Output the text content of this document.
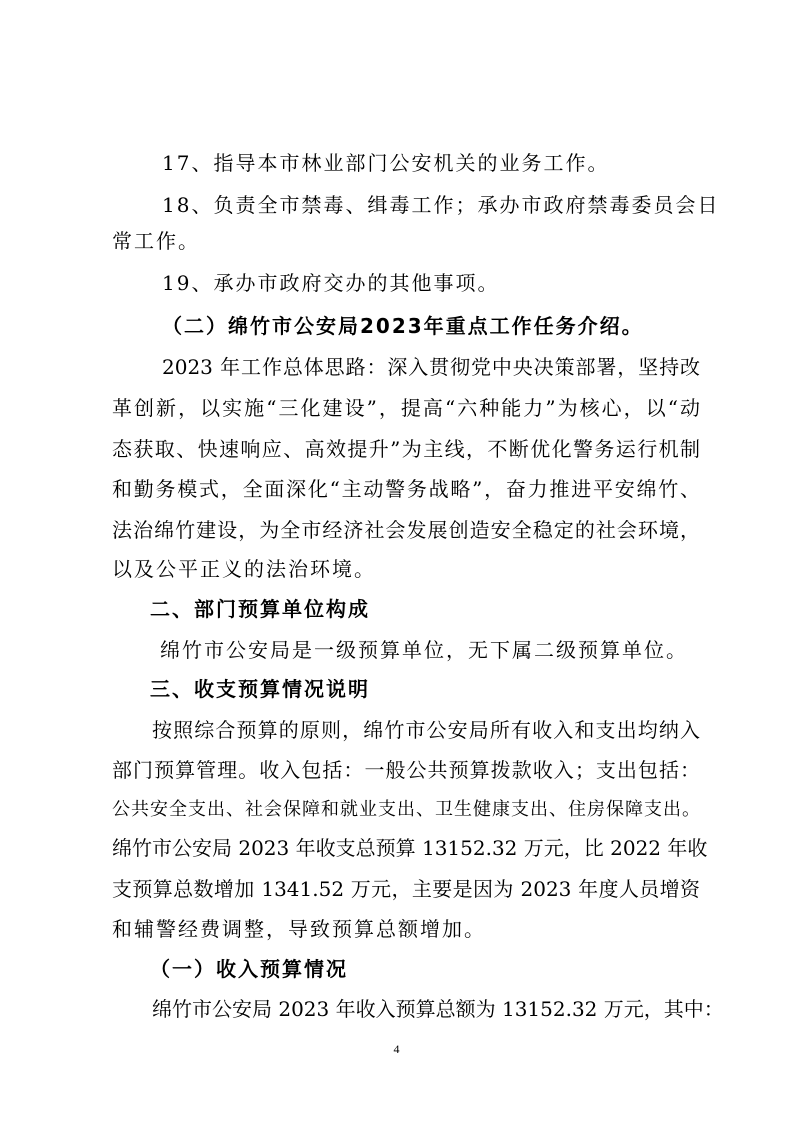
17、指导本市林业部门公安机关的业务工作。
18、负责全市禁毒、缉毒工作；承办市政府禁毒委员会日
常工作。
19、承办市政府交办的其他事项。
（二）绵竹市公安局2023年重点工作任务介绍。
2023 年工作总体思路：深入贯彻党中央决策部署，坚持改
革创新，以实施“三化建设”，提高“六种能力”为核心，以“动
态获取、快速响应、高效提升”为主线，不断优化警务运行机制
和勤务模式，全面深化“主动警务战略”，奋力推进平安绵竹、
法治绵竹建设，为全市经济社会发展创造安全稳定的社会环境，
以及公平正义的法治环境。
二、部门预算单位构成
绵竹市公安局是一级预算单位，无下属二级预算单位。
三、收支预算情况说明
按照综合预算的原则，绵竹市公安局所有收入和支出均纳入
部门预算管理。收入包括：一般公共预算拨款收入；支出包括：
公共安全支出、社会保障和就业支出、卫生健康支出、住房保障支出。
绵竹市公安局 2023 年收支总预算 13152.32 万元，比 2022 年收
支预算总数增加 1341.52 万元，主要是因为 2023 年度人员增资
和辅警经费调整，导致预算总额增加。
（一）收入预算情况
绵竹市公安局 2023 年收入预算总额为 13152.32 万元，其中：
4
